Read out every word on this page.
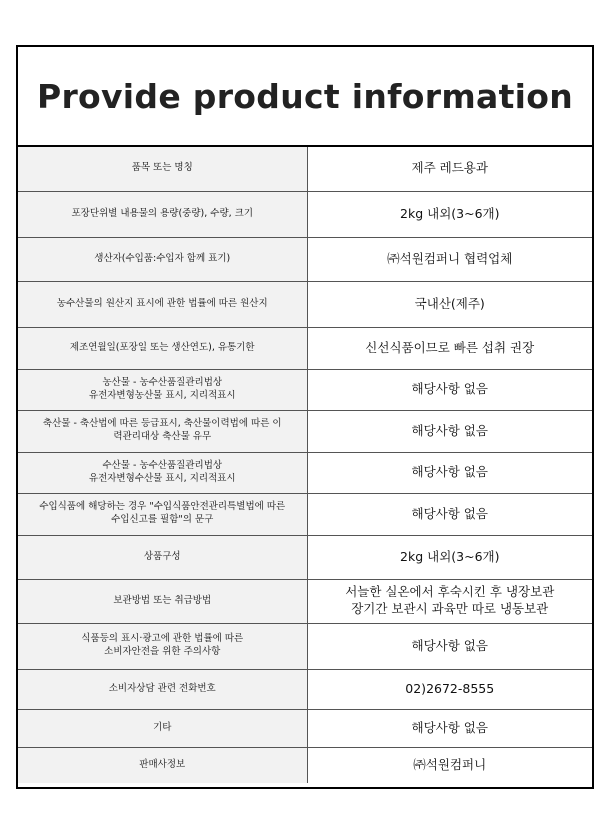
Provide product information
품목 또는 명칭	제주 레드용과
포장단위별 내용물의 용량(중량), 수량, 크기	2kg 내외(3~6개)
생산자(수입품:수입자 함께 표기)	㈜석원컴퍼니 협력업체
농수산물의 원산지 표시에 관한 법률에 따른 원산지	국내산(제주)
제조연월일(포장일 또는 생산연도), 유통기한	신선식품이므로 빠른 섭취 권장

농산물 - 농수산품질관리법상
유전자변형농산물 표시, 지리적표시	해당사항 없음

축산물 - 축산법에 따른 등급표시, 축산물이력법에 따른 이
력관리대상 축산물 유무	해당사항 없음

수산물 - 농수산품질관리법상
유전자변형수산물 표시, 지리적표시	해당사항 없음

수입식품에 해당하는 경우 "수입식품안전관리특별법에 따른
수입신고를 필함"의 문구	해당사항 없음
상품구성	2kg 내외(3~6개)
보관방법 또는 취급방법	서늘한 실온에서 후숙시킨 후 냉장보관
장기간 보관시 과육만 따로 냉동보관

식품등의 표시·광고에 관한 법률에 따른
소비자안전을 위한 주의사항	해당사항 없음
소비자상담 관련 전화번호	02)2672-8555
기타	해당사항 없음
판매사정보	㈜석원컴퍼니
